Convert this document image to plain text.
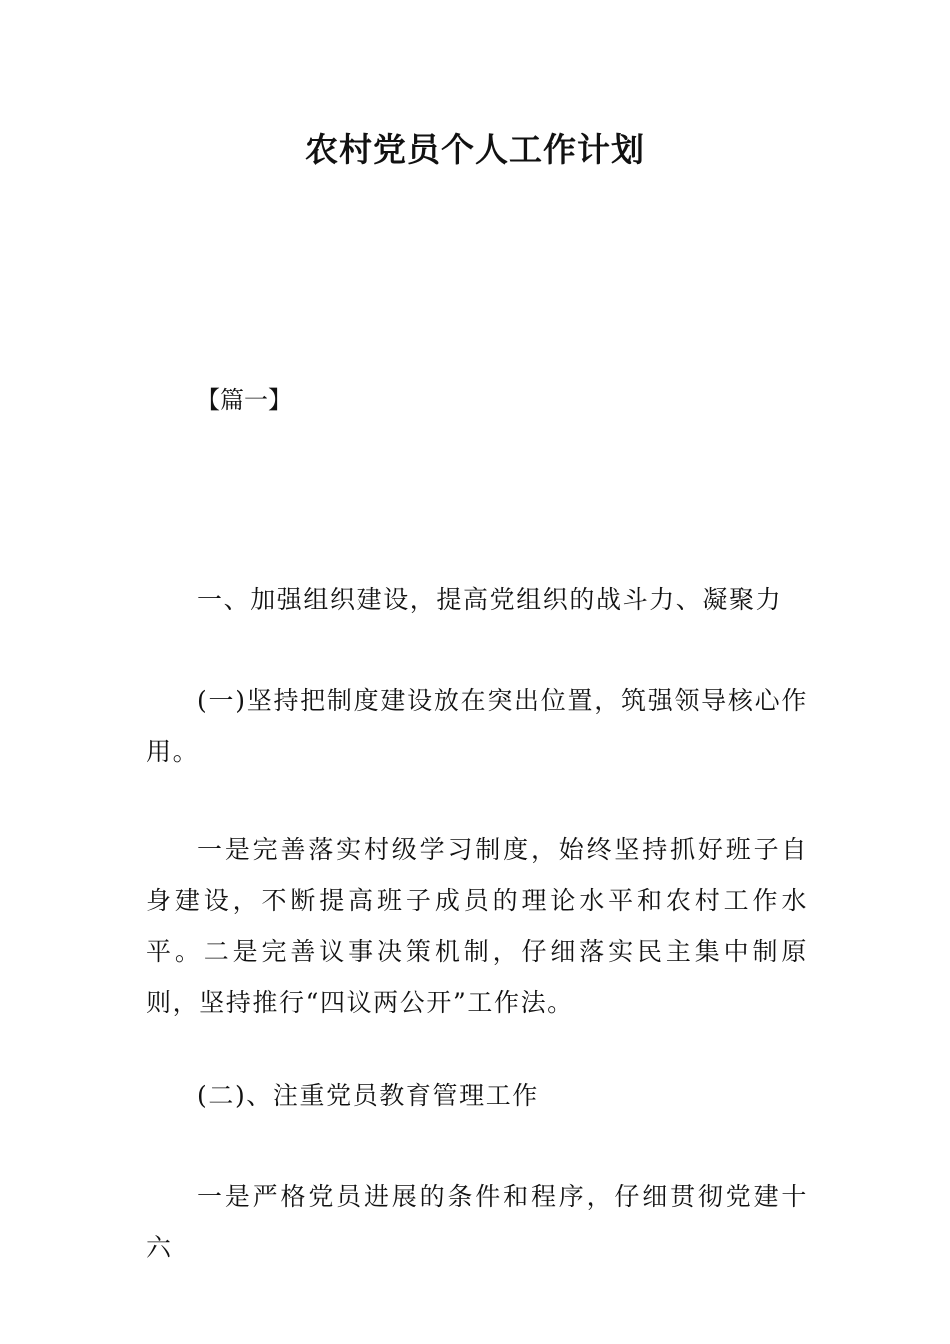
农村党员个人工作计划
【篇一】

一、加强组织建设，提高党组织的战斗力、凝聚力

(一)坚持把制度建设放在突出位置，筑强领导核心作用。

一是完善落实村级学习制度，始终坚持抓好班子自身建设，不断提高班子成员的理论水平和农村工作水平。二是完善议事决策机制，仔细落实民主集中制原则，坚持推行“四议两公开”工作法。

(二)、注重党员教育管理工作

一是严格党员进展的条件和程序，仔细贯彻党建十六
